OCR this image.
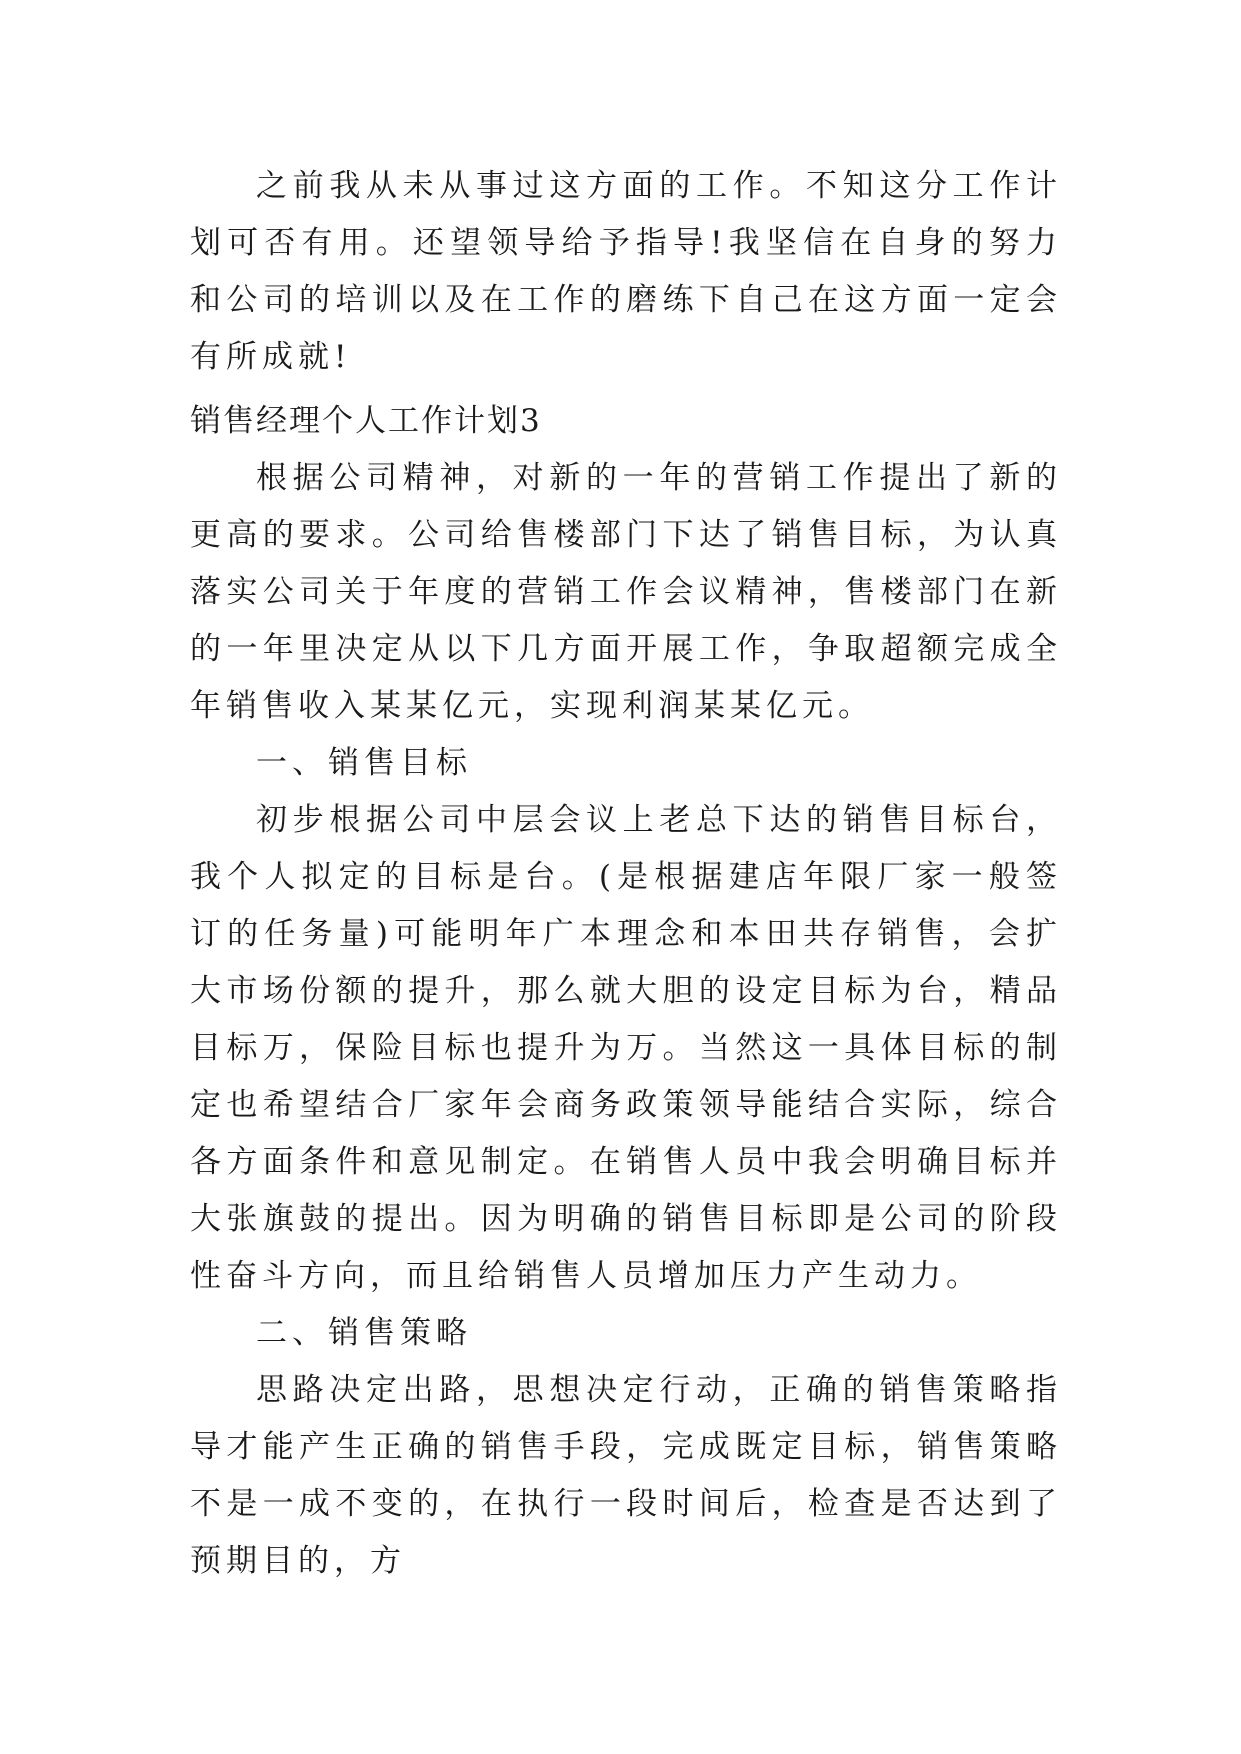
之前我从未从事过这方面的工作。不知这分工作计划可否有用。还望领导给予指导!我坚信在自身的努力和公司的培训以及在工作的磨练下自己在这方面一定会有所成就!

销售经理个人工作计划3

根据公司精神，对新的一年的营销工作提出了新的更高的要求。公司给售楼部门下达了销售目标，为认真落实公司关于年度的营销工作会议精神，售楼部门在新的一年里决定从以下几方面开展工作，争取超额完成全年销售收入某某亿元，实现利润某某亿元。

一、销售目标

初步根据公司中层会议上老总下达的销售目标台，我个人拟定的目标是台。(是根据建店年限厂家一般签订的任务量)可能明年广本理念和本田共存销售，会扩大市场份额的提升，那么就大胆的设定目标为台，精品目标万，保险目标也提升为万。当然这一具体目标的制定也希望结合厂家年会商务政策领导能结合实际，综合各方面条件和意见制定。在销售人员中我会明确目标并大张旗鼓的提出。因为明确的销售目标即是公司的阶段性奋斗方向，而且给销售人员增加压力产生动力。

二、销售策略

思路决定出路，思想决定行动，正确的销售策略指导才能产生正确的销售手段，完成既定目标，销售策略不是一成不变的，在执行一段时间后，检查是否达到了预期目的，方
